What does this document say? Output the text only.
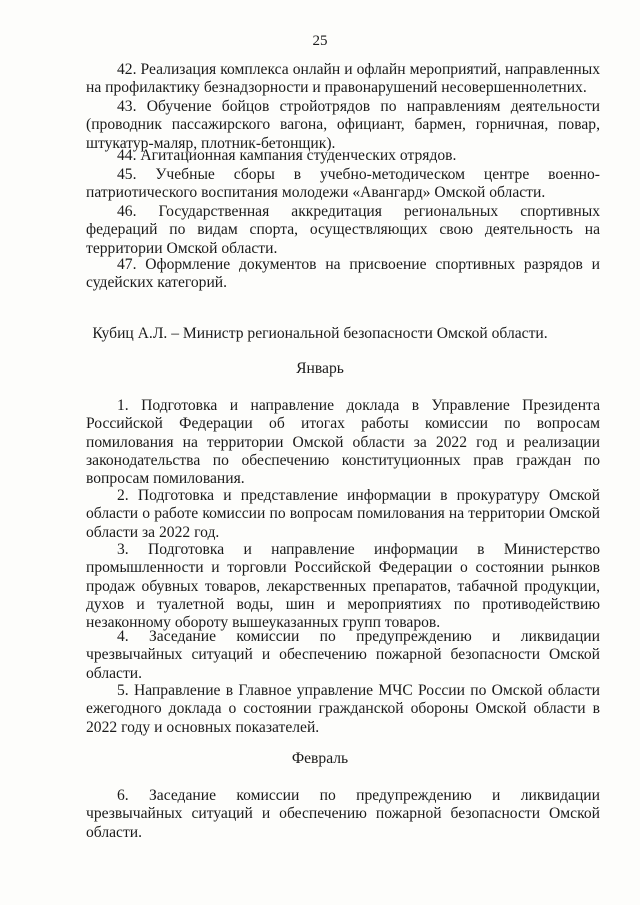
25

42. Реализация комплекса онлайн и офлайн мероприятий, направленных на профилактику безнадзорности и правонарушений несовершеннолетних.

43. Обучение бойцов стройотрядов по направлениям деятельности (проводник пассажирского вагона, официант, бармен, горничная, повар, штукатур-маляр, плотник-бетонщик).

44. Агитационная кампания студенческих отрядов.

45. Учебные сборы в учебно-методическом центре военно-патриотического воспитания молодежи «Авангард» Омской области.

46. Государственная аккредитация региональных спортивных федераций по видам спорта, осуществляющих свою деятельность на территории Омской области.

47. Оформление документов на присвоение спортивных разрядов и судейских категорий.

Кубиц А.Л. – Министр региональной безопасности Омской области.
Январь

1. Подготовка и направление доклада в Управление Президента Российской Федерации об итогах работы комиссии по вопросам помилования на территории Омской области за 2022 год и реализации законодательства по обеспечению конституционных прав граждан по вопросам помилования.

2. Подготовка и представление информации в прокуратуру Омской области о работе комиссии по вопросам помилования на территории Омской области за 2022 год.

3. Подготовка и направление информации в Министерство промышленности и торговли Российской Федерации о состоянии рынков продаж обувных товаров, лекарственных препаратов, табачной продукции, духов и туалетной воды, шин и мероприятиях по противодействию незаконному обороту вышеуказанных групп товаров.

4. Заседание комиссии по предупреждению и ликвидации чрезвычайных ситуаций и обеспечению пожарной безопасности Омской области.

5. Направление в Главное управление МЧС России по Омской области ежегодного доклада о состоянии гражданской обороны Омской области в 2022 году и основных показателей.

Февраль

6. Заседание комиссии по предупреждению и ликвидации чрезвычайных ситуаций и обеспечению пожарной безопасности Омской области.
